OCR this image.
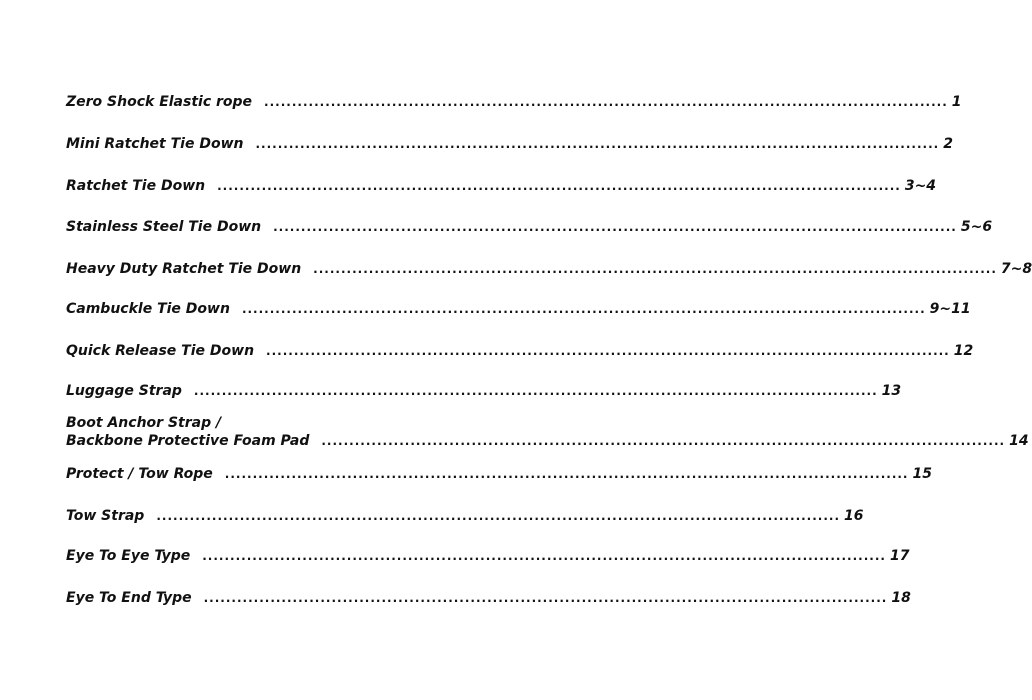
Zero Shock Elastic rope ........................................................................................................................... 1
Mini Ratchet Tie Down ........................................................................................................................... 2
Ratchet Tie Down ........................................................................................................................... 3~4
Stainless Steel Tie Down ........................................................................................................................... 5~6
Heavy Duty Ratchet Tie Down ........................................................................................................................... 7~8
Cambuckle Tie Down ........................................................................................................................... 9~11
Quick Release Tie Down ........................................................................................................................... 12
Luggage Strap ........................................................................................................................... 13
Boot Anchor Strap /
Backbone Protective Foam Pad ........................................................................................................................... 14
Protect / Tow Rope ........................................................................................................................... 15
Tow Strap ........................................................................................................................... 16
Eye To Eye Type ........................................................................................................................... 17
Eye To End Type ........................................................................................................................... 18
